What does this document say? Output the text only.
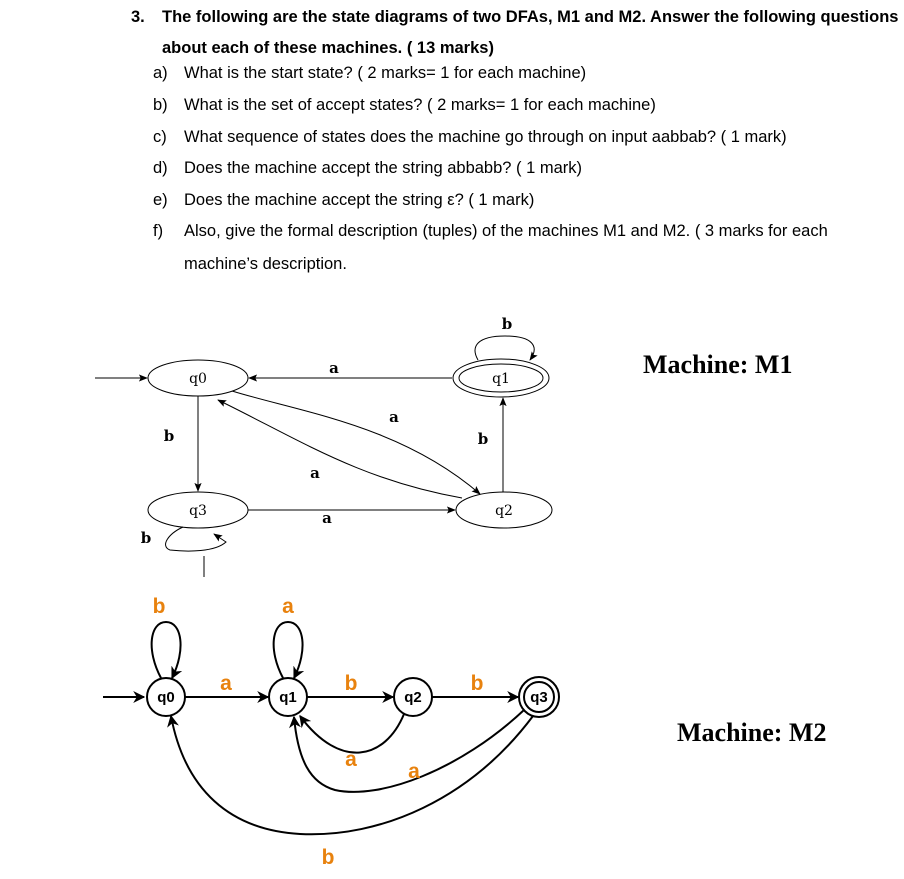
3. The following are the state diagrams of two DFAs, M1 and M2. Answer the following questions about each of these machines. ( 13 marks)
a) What is the start state? ( 2 marks= 1 for each machine)
b) What is the set of accept states? ( 2 marks= 1 for each machine)
c) What sequence of states does the machine go through on input aabbab? ( 1 mark)
d) Does the machine accept the string abbabb? ( 1 mark)
e) Does the machine accept the string ε? ( 1 mark)
f) Also, give the formal description (tuples) of the machines M1 and M2. ( 3 marks for each machine’s description.
Machine: M1
Machine: M2
q0	q1
q2
q3
b
a
a
a
b
b
a
b
q0	q1	q2	q3
b	a
a	b	b
a
a
b
